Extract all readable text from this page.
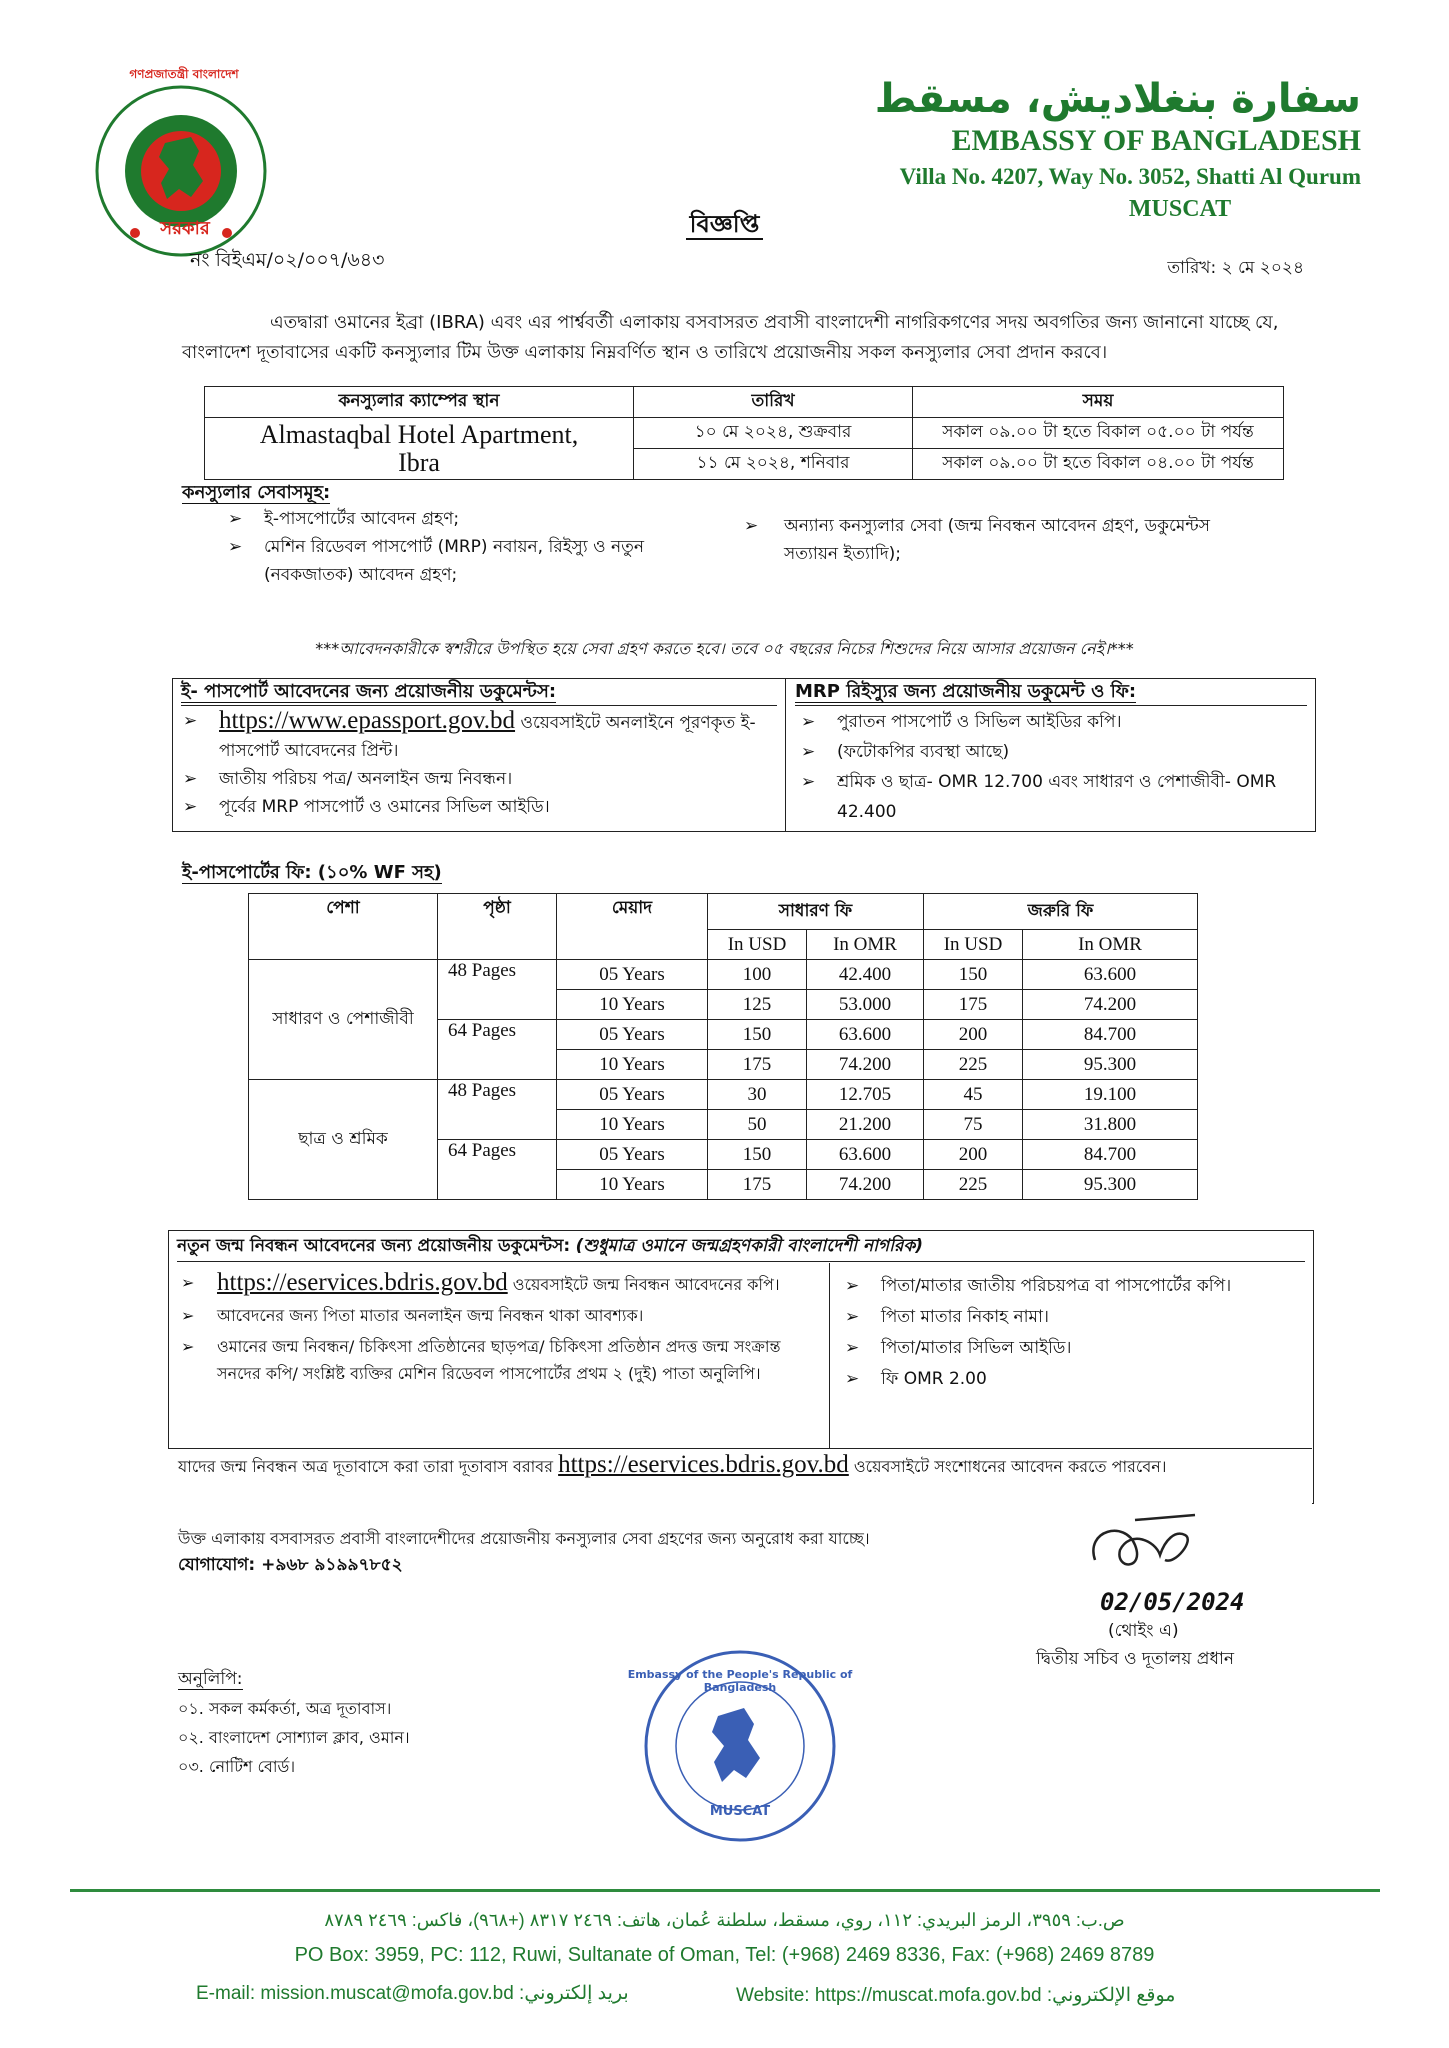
সরকার
গণপ্রজাতন্ত্রী বাংলাদেশ
سفارة بنغلاديش، مسقط
EMBASSY OF BANGLADESH
Villa No. 4207, Way No. 3052, Shatti Al Qurum
MUSCAT
বিজ্ঞপ্তি
নং বিইএম/০২/০০৭/৬৪৩	তারিখ: ২ মে ২০২৪
এতদ্বারা ওমানের ইব্রা (IBRA) এবং এর পার্শ্ববর্তী এলাকায় বসবাসরত প্রবাসী বাংলাদেশী নাগরিকগণের সদয় অবগতির জন্য জানানো যাচ্ছে যে, বাংলাদেশ দূতাবাসের একটি কনস্যুলার টিম উক্ত এলাকায় নিম্নবর্ণিত স্থান ও তারিখে প্রয়োজনীয় সকল কনস্যুলার সেবা প্রদান করবে।
কনস্যুলার ক্যাম্পের স্থান	তারিখ	সময়
Almastaqbal Hotel Apartment, Ibra	১০ মে ২০২৪, শুক্রবার	সকাল ০৯.০০ টা হতে বিকাল ০৫.০০ টা পর্যন্ত
	১১ মে ২০২৪, শনিবার	সকাল ০৯.০০ টা হতে বিকাল ০৪.০০ টা পর্যন্ত
কনস্যুলার সেবাসমূহ:
➢ ই-পাসপোর্টের আবেদন গ্রহণ;
➢	মেশিন রিডেবল পাসপোর্ট (MRP) নবায়ন, রিইস্যু ও নতুন (নবকজাতক) আবেদন গ্রহণ;
➢	অন্যান্য কনস্যুলার সেবা (জন্ম নিবন্ধন আবেদন গ্রহণ, ডকুমেন্টস সত্যায়ন ইত্যাদি);
***আবেদনকারীকে স্বশরীরে উপস্থিত হয়ে সেবা গ্রহণ করতে হবে। তবে ০৫ বছরের নিচের শিশুদের নিয়ে আসার প্রয়োজন নেই।***
ই- পাসপোর্ট আবেদনের জন্য প্রয়োজনীয় ডকুমেন্টস:
➢ https://www.epassport.gov.bd ওয়েবসাইটে অনলাইনে পূরণকৃত ই-পাসপোর্ট আবেদনের প্রিন্ট।
➢ জাতীয় পরিচয় পত্র/ অনলাইন জন্ম নিবন্ধন।
➢ পূর্বের MRP পাসপোর্ট ও ওমানের সিভিল আইডি।
MRP রিইস্যুর জন্য প্রয়োজনীয় ডকুমেন্ট ও ফি:
➢ পুরাতন পাসপোর্ট ও সিভিল আইডির কপি।
➢ (ফটোকপির ব্যবস্থা আছে)
➢	শ্রমিক ও ছাত্র- OMR 12.700 এবং সাধারণ ও পেশাজীবী- OMR 42.400
ই-পাসপোর্টের ফি: (১০% WF সহ)
পেশা	পৃষ্ঠা	মেয়াদ	সাধারণ ফি		জরুরি ফি	
			In USD	In OMR	In USD	In OMR
সাধারণ ও পেশাজীবী	48 Pages	05 Years	100	42.400	150	63.600
		10 Years	125	53.000	175	74.200
	64 Pages	05 Years	150	63.600	200	84.700
		10 Years	175	74.200	225	95.300
ছাত্র ও শ্রমিক	48 Pages	05 Years	30	12.705	45	19.100
		10 Years	50	21.200	75	31.800
	64 Pages	05 Years	150	63.600	200	84.700
		10 Years	175	74.200	225	95.300
নতুন জন্ম নিবন্ধন আবেদনের জন্য প্রয়োজনীয় ডকুমেন্টস: (শুধুমাত্র ওমানে জন্মগ্রহণকারী বাংলাদেশী নাগরিক)
➢ https://eservices.bdris.gov.bd ওয়েবসাইটে জন্ম নিবন্ধন আবেদনের কপি।
➢	আবেদনের জন্য পিতা মাতার অনলাইন জন্ম নিবন্ধন থাকা আবশ্যক।
➢	ওমানের জন্ম নিবন্ধন/ চিকিৎসা প্রতিষ্ঠানের ছাড়পত্র/ চিকিৎসা প্রতিষ্ঠান প্রদত্ত জন্ম সংক্রান্ত সনদের কপি/ সংশ্লিষ্ট ব্যক্তির মেশিন রিডেবল পাসপোর্টের প্রথম ২ (দুই) পাতা অনুলিপি।
➢ পিতা/মাতার জাতীয় পরিচয়পত্র বা পাসপোর্টের কপি।
➢ পিতা মাতার নিকাহ নামা।
➢ পিতা/মাতার সিভিল আইডি।
➢ ফি OMR 2.00
যাদের জন্ম নিবন্ধন অত্র দূতাবাসে করা তারা দূতাবাস বরাবর https://eservices.bdris.gov.bd ওয়েবসাইটে সংশোধনের আবেদন করতে পারবেন।
উক্ত এলাকায় বসবাসরত প্রবাসী বাংলাদেশীদের প্রয়োজনীয় কনস্যুলার সেবা গ্রহণের জন্য অনুরোধ করা যাচ্ছে।
যোগাযোগ: +৯৬৮ ৯১৯৯৭৮৫২
02/05/2024
(থোইং এ)
দ্বিতীয় সচিব ও দূতালয় প্রধান
অনুলিপি:
০১. সকল কর্মকর্তা, অত্র দূতাবাস।
০২. বাংলাদেশ সোশ্যাল ক্লাব, ওমান।
০৩. নোটিশ বোর্ড।
Embassy of the People's Republic of Bangladesh
MUSCAT
ص.ب: ٣٩٥٩، الرمز البريدي: ١١٢، روي، مسقط، سلطنة عُمان، هاتف: ٢٤٦٩ ٨٣١٧ (+٩٦٨)، فاكس: ٢٤٦٩ ٨٧٨٩
PO Box: 3959, PC: 112, Ruwi, Sultanate of Oman, Tel: (+968) 2469 8336, Fax: (+968) 2469 8789
E-mail: mission.muscat@mofa.gov.bd :بريد إلكتروني	Website: https://muscat.mofa.gov.bd :موقع الإلكتروني
